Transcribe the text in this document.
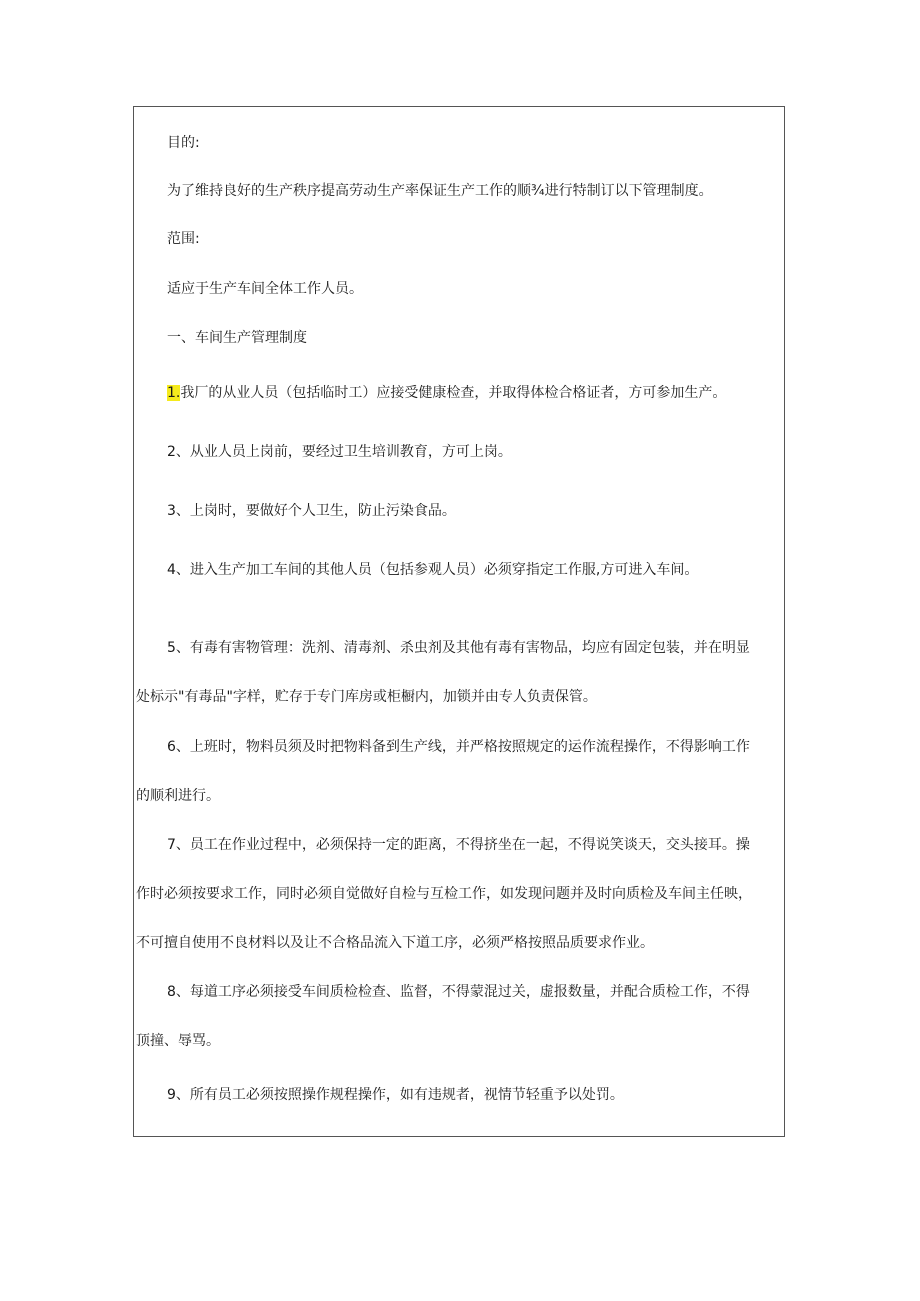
目的:

为了维持良好的生产秩序提高劳动生产率保证生产工作的顺¾进行特制订以下管理制度。

范围:

适应于生产车间全体工作人员。

一、车间生产管理制度

1.我厂的从业人员（包括临时工）应接受健康检查，并取得体检合格证者，方可参加生产。

2、从业人员上岗前，要经过卫生培训教育，方可上岗。

3、上岗时，要做好个人卫生，防止污染食品。

4、进入生产加工车间的其他人员（包括参观人员）必须穿指定工作服,方可进入车间。

5、有毒有害物管理：洗剂、清毒剂、杀虫剂及其他有毒有害物品，均应有固定包装，并在明显

处标示"有毒品"字样，贮存于专门库房或柜橱内，加锁并由专人负责保管。

6、上班时，物料员须及时把物料备到生产线，并严格按照规定的运作流程操作，不得影响工作

的顺利进行。

7、员工在作业过程中，必须保持一定的距离，不得挤坐在一起，不得说笑谈天，交头接耳。操

作时必须按要求工作，同时必须自觉做好自检与互检工作，如发现问题并及时向质检及车间主任映，

不可擅自使用不良材料以及让不合格品流入下道工序，必须严格按照品质要求作业。

8、每道工序必须接受车间质检检查、监督，不得蒙混过关，虚报数量，并配合质检工作，不得

顶撞、辱骂。

9、所有员工必须按照操作规程操作，如有违规者，视情节轻重予以处罚。
